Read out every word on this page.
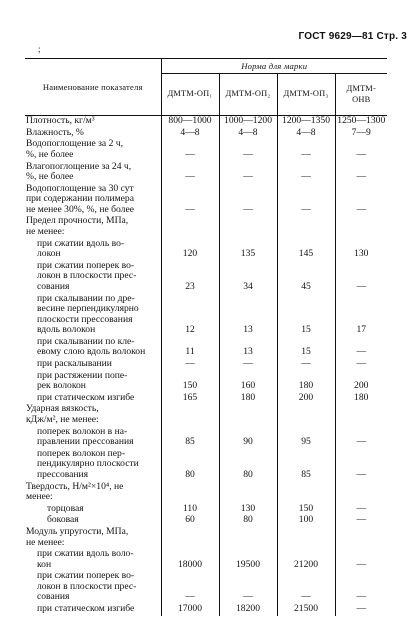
ГОСТ 9629—81 Стр. 3
;
Наименование показателя	Норма для марки			
	ДМТМ-ОП₁	ДМТМ-ОП₂	ДМТМ-ОП₃	ДМТМ-ОНВ

Плотность, кг/м³	800—1000	1000—1200	1200—1350	1250—1300

Влажность, %	4—8	4—8	4—8	7—9

Водопоглощение за 2 ч,
%, не более	—	—	—	—

Влагопоглощение за 24 ч,
%, не более	—	—	—	—

Водопоглощение за 30 сут
при содержании полимера
не менее 30%, %, не более	—	—	—	—

Предел прочности, МПа,
не менее:				

при сжатии вдоль во-
локон	120	135	145	130

при сжатии поперек во-
локон в плоскости прес-
сования	23	34	45	—

при скалывании по дре-
весине перпендикулярно
плоскости прессования
вдоль волокон	12	13	15	17

при скалывании по кле-
евому слою вдоль волокон	11	13	15	—

при раскалывании	—	—	—	—

при растяжении попе-
рек волокон	150	160	180	200

при статическом изгибе	165	180	200	180

Ударная вязкость,
кДж/м², не менее:				

поперек волокон в на-
правлении прессования	85	90	95	—

поперек волокон пер-
пендикулярно плоскости
прессования	80	80	85	—

Твердость, Н/м²×10⁴, не
менее:				

торцовая	110	130	150	—

боковая	60	80	100	—

Модуль упругости, МПа,
не менее:				

при сжатии вдоль воло-
кон	18000	19500	21200	—

при сжатии поперек во-
локон в плоскости прес-
сования	—	—	—	—

при статическом изгибе	17000	18200	21500	—
